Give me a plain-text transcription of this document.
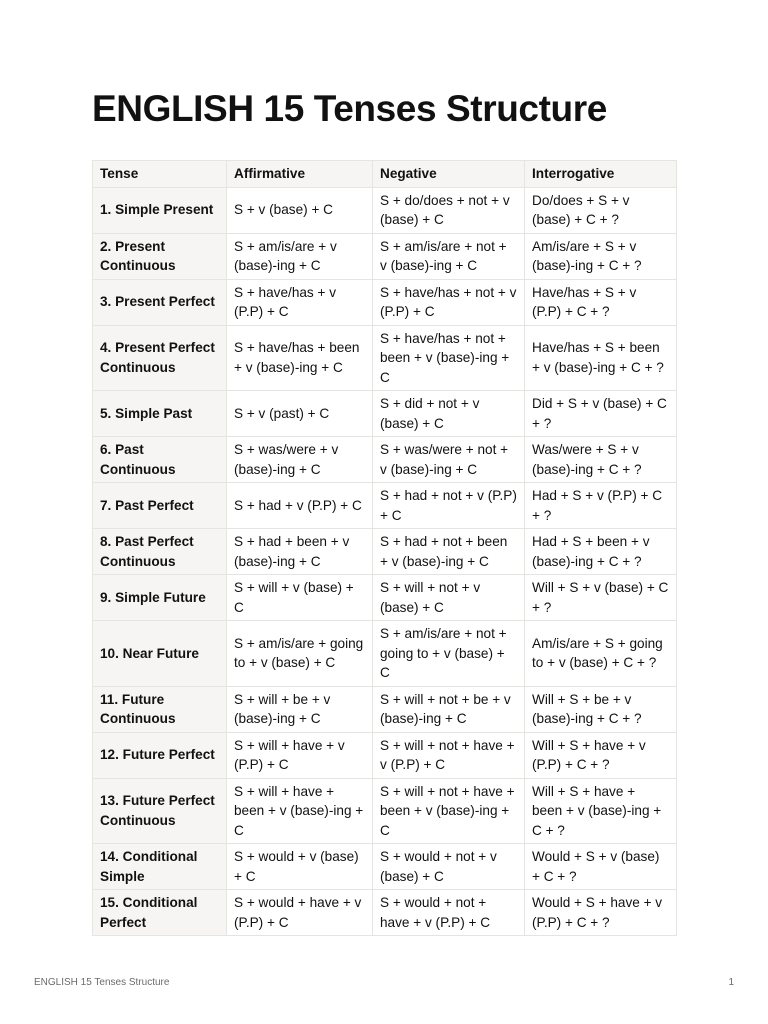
ENGLISH 15 Tenses Structure
Tense	Affirmative	Negative	Interrogative
1. Simple Present	S + v (base) + C	S + do/does + not + v (base) + C	Do/does + S + v (base) + C + ?
2. Present Continuous	S + am/is/are + v (base)-ing + C	S + am/is/are + not + v (base)-ing + C	Am/is/are + S + v (base)-ing + C + ?
3. Present Perfect	S + have/has + v (P.P) + C	S + have/has + not + v (P.P) + C	Have/has + S + v (P.P) + C + ?
4. Present Perfect Continuous	S + have/has + been + v (base)-ing + C	S + have/has + not + been + v (base)-ing + C	Have/has + S + been + v (base)-ing + C + ?
5. Simple Past	S + v (past) + C	S + did + not + v (base) + C	Did + S + v (base) + C + ?
6. Past Continuous	S + was/were + v (base)-ing + C	S + was/were + not + v (base)-ing + C	Was/were + S + v (base)-ing + C + ?
7. Past Perfect	S + had + v (P.P) + C	S + had + not + v (P.P) + C	Had + S + v (P.P) + C + ?
8. Past Perfect Continuous	S + had + been + v (base)-ing + C	S + had + not + been + v (base)-ing + C	Had + S + been + v (base)-ing + C + ?
9. Simple Future	S + will + v (base) + C	S + will + not + v (base) + C	Will + S + v (base) + C + ?
10. Near Future	S + am/is/are + going to + v (base) + C	S + am/is/are + not + going to + v (base) + C	Am/is/are + S + going to + v (base) + C + ?
11. Future Continuous	S + will + be + v (base)-ing + C	S + will + not + be + v (base)-ing + C	Will + S + be + v (base)-ing + C + ?
12. Future Perfect	S + will + have + v (P.P) + C	S + will + not + have + v (P.P) + C	Will + S + have + v (P.P) + C + ?
13. Future Perfect Continuous	S + will + have + been + v (base)-ing + C	S + will + not + have + been + v (base)-ing + C	Will + S + have + been + v (base)-ing + C + ?
14. Conditional Simple	S + would + v (base) + C	S + would + not + v (base) + C	Would + S + v (base) + C + ?
15. Conditional Perfect	S + would + have + v (P.P) + C	S + would + not + have + v (P.P) + C	Would + S + have + v (P.P) + C + ?
ENGLISH 15 Tenses Structure	1
